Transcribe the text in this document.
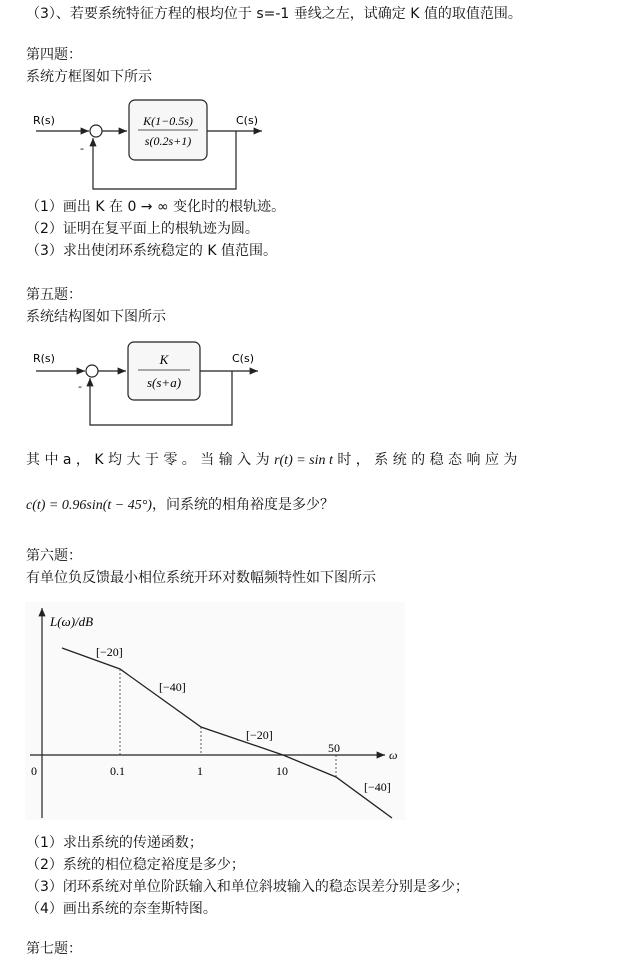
（3）、若要系统特征方程的根均位于 s=-1 垂线之左，试确定 K 值的取值范围。
第四题：
系统方框图如下所示
R(s)	C(s)
-
K(1−0.5s)
s(0.2s+1)
R(s)	C(s)
-
K
s(s+a)
L(ω)/dB
ω
0	0.1	1	10
50
[−20]
[−40]
[−20]
[−40]
（1）画出 K 在 0 → ∞ 变化时的根轨迹。
（2）证明在复平面上的根轨迹为圆。
（3）求出使闭环系统稳定的 K 值范围。
第五题：
系统结构图如下图所示
其 中 a ， K 均 大 于 零 。 当 输 入 为 r(t) = sin t 时 ， 系 统 的 稳 态 响 应 为
c(t) = 0.96sin(t − 45°)，问系统的相角裕度是多少？
第六题：
有单位负反馈最小相位系统开环对数幅频特性如下图所示
（1）求出系统的传递函数；
（2）系统的相位稳定裕度是多少；
（3）闭环系统对单位阶跃输入和单位斜坡输入的稳态误差分别是多少；
（4）画出系统的奈奎斯特图。
第七题：
